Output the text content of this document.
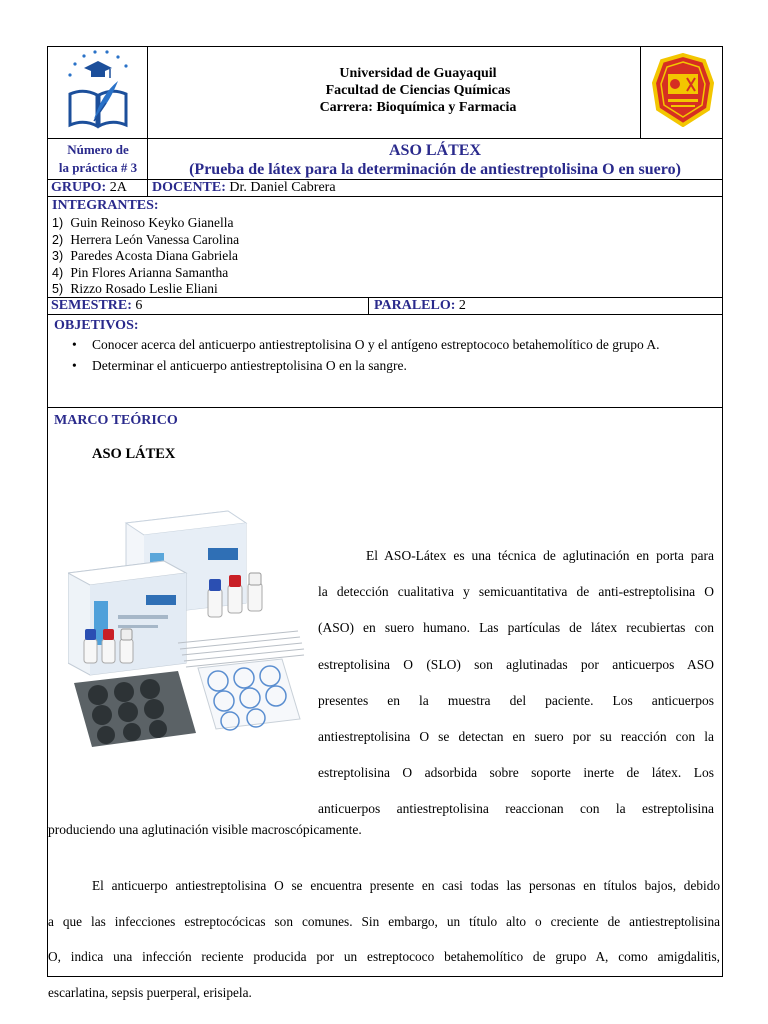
Universidad de Guayaquil
Facultad de Ciencias Químicas
Carrera: Bioquímica y Farmacia
Número de
la práctica # 3
ASO LÁTEX
(Prueba de látex para la determinación de antiestreptolisina O en suero)
GRUPO: 2A DOCENTE: Dr. Daniel Cabrera
INTEGRANTES:
1) Guin Reinoso Keyko Gianella
2) Herrera León Vanessa Carolina
3) Paredes Acosta Diana Gabriela
4) Pin Flores Arianna Samantha
5) Rizzo Rosado Leslie Eliani
SEMESTRE: 6	PARALELO: 2
OBJETIVOS:
• Conocer acerca del anticuerpo antiestreptolisina O y el antígeno estreptococo betahemolítico de grupo A.
• Determinar el anticuerpo antiestreptolisina O en la sangre.
MARCO TEÓRICO
ASO LÁTEX
El ASO-Látex es una técnica de aglutinación en porta para
la detección cualitativa y semicuantitativa de anti-estreptolisina O
(ASO) en suero humano. Las partículas de látex recubiertas con
estreptolisina O (SLO) son aglutinadas por anticuerpos ASO
presentes en la muestra del paciente. Los anticuerpos
antiestreptolisina O se detectan en suero por su reacción con la
estreptolisina O adsorbida sobre soporte inerte de látex. Los
anticuerpos antiestreptolisina reaccionan con la estreptolisina
produciendo una aglutinación visible macroscópicamente.
El anticuerpo antiestreptolisina O se encuentra presente en casi todas las personas en títulos bajos, debido
a que las infecciones estreptocócicas son comunes. Sin embargo, un título alto o creciente de antiestreptolisina
O, indica una infección reciente producida por un estreptococo betahemolítico de grupo A, como amigdalitis,
escarlatina, sepsis puerperal, erisipela.
